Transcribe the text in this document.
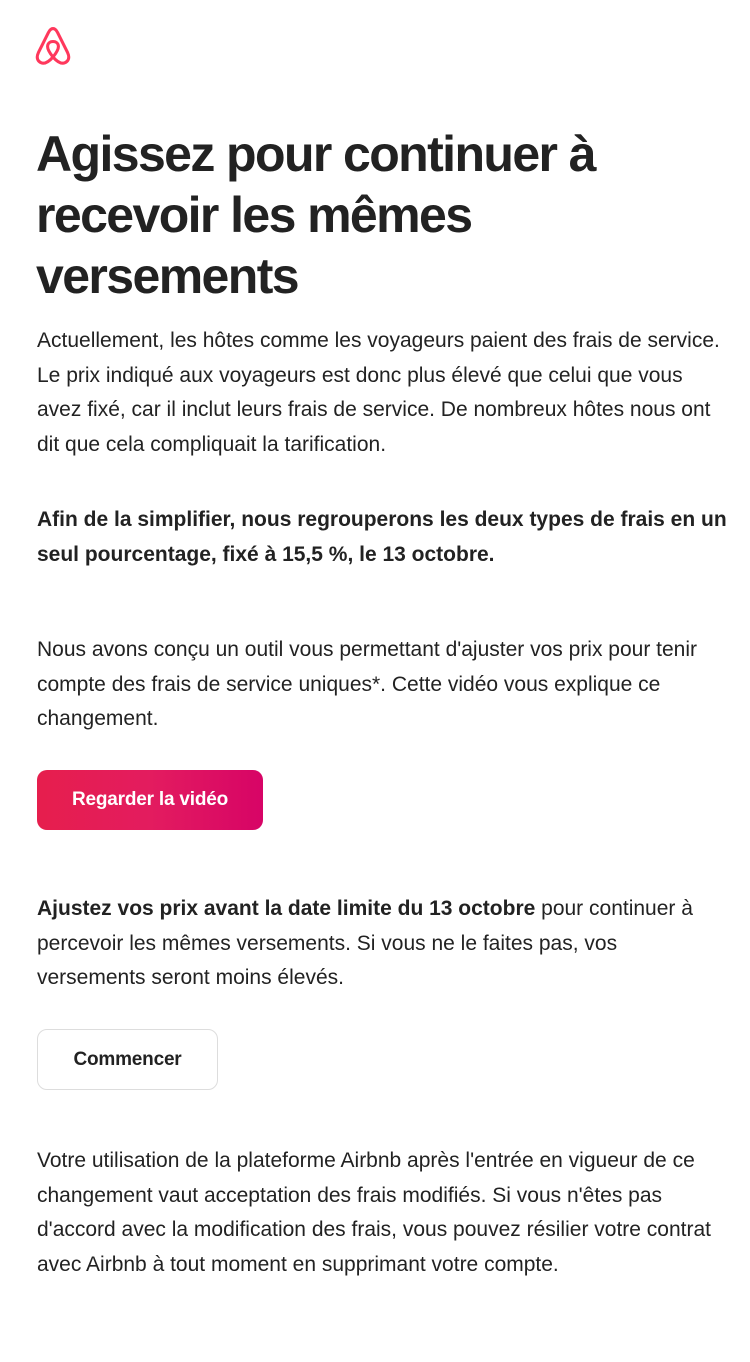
Agissez pour continuer à recevoir les mêmes versements

Actuellement, les hôtes comme les voyageurs paient des frais de service. Le prix indiqué aux voyageurs est donc plus élevé que celui que vous avez fixé, car il inclut leurs frais de service. De nombreux hôtes nous ont dit que cela compliquait la tarification.

Afin de la simplifier, nous regrouperons les deux types de frais en un seul pourcentage, fixé à 15,5 %, le 13 octobre.

Nous avons conçu un outil vous permettant d'ajuster vos prix pour tenir compte des frais de service uniques*. Cette vidéo vous explique ce changement.

Regarder la vidéo

Ajustez vos prix avant la date limite du 13 octobre pour continuer à percevoir les mêmes versements. Si vous ne le faites pas, vos versements seront moins élevés.

Commencer

Votre utilisation de la plateforme Airbnb après l'entrée en vigueur de ce changement vaut acceptation des frais modifiés. Si vous n'êtes pas d'accord avec la modification des frais, vous pouvez résilier votre contrat avec Airbnb à tout moment en supprimant votre compte.
